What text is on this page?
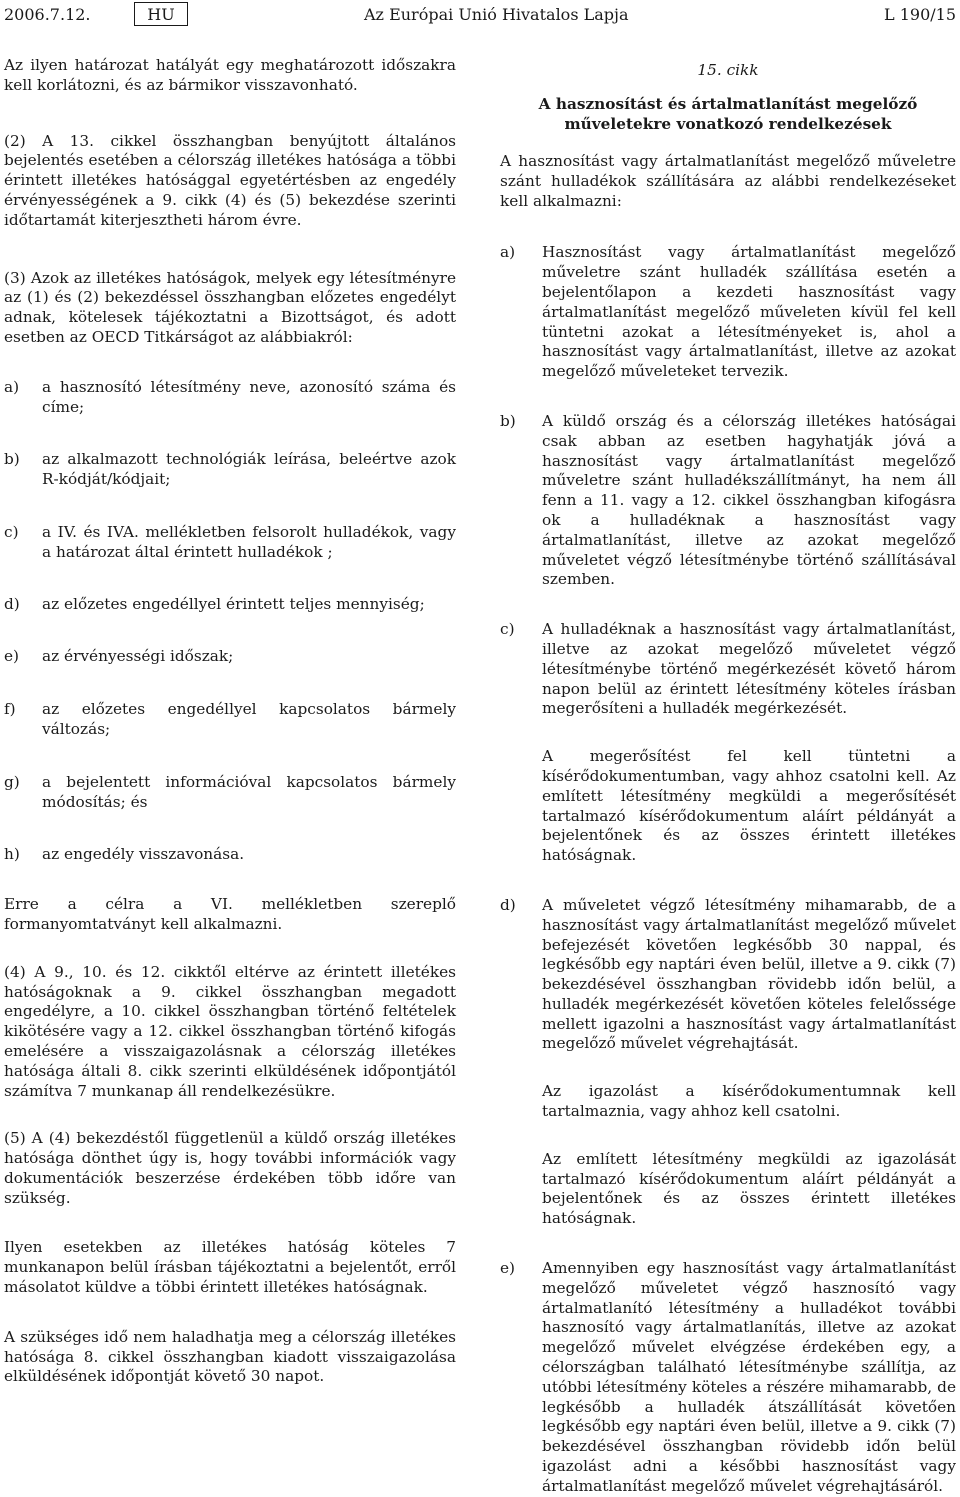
2006.7.12.	HU	Az Európai Unió Hivatalos Lapja	L 190/15

Az ilyen határozat hatályát egy meghatározott időszakra kell korlátozni, és az bármikor visszavonható.

(2) A 13. cikkel összhangban benyújtott általános bejelentés esetében a célország illetékes hatósága a többi érintett illetékes hatósággal egyetértésben az engedély érvényességének a 9. cikk (4) és (5) bekezdése szerinti időtartamát kiterjesztheti három évre.

(3) Azok az illetékes hatóságok, melyek egy létesítményre az (1) és (2) bekezdéssel összhangban előzetes engedélyt adnak, kötelesek tájékoztatni a Bizottságot, és adott esetben az OECD Titkárságot az alábbiakról:

a)	a hasznosító létesítmény neve, azonosító száma és címe;
b)	az alkalmazott technológiák leírása, beleértve azok R-kódját/kódjait;
c)	a IV. és IVA. mellékletben felsorolt hulladékok, vagy a határozat által érintett hulladékok ;
d)	az előzetes engedéllyel érintett teljes mennyiség;
e)	az érvényességi időszak;
f)	az előzetes engedéllyel kapcsolatos bármely változás;
g)	a bejelentett információval kapcsolatos bármely módosítás; és
h)	az engedély visszavonása.

Erre a célra a VI. mellékletben szereplő formanyomtatványt kell alkalmazni.

(4) A 9., 10. és 12. cikktől eltérve az érintett illetékes hatóságoknak a 9. cikkel összhangban megadott engedélyre, a 10. cikkel összhangban történő feltételek kikötésére vagy a 12. cikkel összhangban történő kifogás emelésére a visszaigazolásnak a célország illetékes hatósága általi 8. cikk szerinti elküldésének időpontjától számítva 7 munkanap áll rendelkezésükre.

(5) A (4) bekezdéstől függetlenül a küldő ország illetékes hatósága dönthet úgy is, hogy további információk vagy dokumentációk beszerzése érdekében több időre van szükség.

Ilyen esetekben az illetékes hatóság köteles 7 munkanapon belül írásban tájékoztatni a bejelentőt, erről másolatot küldve a többi érintett illetékes hatóságnak.

A szükséges idő nem haladhatja meg a célország illetékes hatósága 8. cikkel összhangban kiadott visszaigazolása elküldésének időpontját követő 30 napot.

15. cikk
A hasznosítást és ártalmatlanítást megelőző műveletekre vonatkozó rendelkezések

A hasznosítást vagy ártalmatlanítást megelőző műveletre szánt hulladékok szállítására az alábbi rendelkezéseket kell alkalmazni:

a)	Hasznosítást vagy ártalmatlanítást megelőző műveletre szánt hulladék szállítása esetén a bejelentőlapon a kezdeti hasznosítást vagy ártalmatlanítást megelőző műveleten kívül fel kell tüntetni azokat a létesítményeket is, ahol a hasznosítást vagy ártalmatlanítást, illetve az azokat megelőző műveleteket tervezik.
b)	A küldő ország és a célország illetékes hatóságai csak abban az esetben hagyhatják jóvá a hasznosítást vagy ártalmatlanítást megelőző műveletre szánt hulladékszállítmányt, ha nem áll fenn a 11. vagy a 12. cikkel összhangban kifogásra ok a hulladéknak a hasznosítást vagy ártalmatlanítást, illetve az azokat megelőző műveletet végző létesítménybe történő szállításával szemben.
c)	A hulladéknak a hasznosítást vagy ártalmatlanítást, illetve az azokat megelőző műveletet végző létesítménybe történő megérkezését követő három napon belül az érintett létesítmény köteles írásban megerősíteni a hulladék megérkezését.

A megerősítést fel kell tüntetni a kísérődokumentumban, vagy ahhoz csatolni kell. Az említett létesítmény megküldi a megerősítését tartalmazó kísérődokumentum aláírt példányát a bejelentőnek és az összes érintett illetékes hatóságnak.

d)	A műveletet végző létesítmény mihamarabb, de a hasznosítást vagy ártalmatlanítást megelőző művelet befejezését követően legkésőbb 30 nappal, és legkésőbb egy naptári éven belül, illetve a 9. cikk (7) bekezdésével összhangban rövidebb időn belül, a hulladék megérkezését követően köteles felelőssége mellett igazolni a hasznosítást vagy ártalmatlanítást megelőző művelet végrehajtását.

Az igazolást a kísérődokumentumnak kell tartalmaznia, vagy ahhoz kell csatolni.

Az említett létesítmény megküldi az igazolását tartalmazó kísérődokumentum aláírt példányát a bejelentőnek és az összes érintett illetékes hatóságnak.

e)	Amennyiben egy hasznosítást vagy ártalmatlanítást megelőző műveletet végző hasznosító vagy ártalmatlanító létesítmény a hulladékot további hasznosító vagy ártalmatlanítás, illetve az azokat megelőző művelet elvégzése érdekében egy, a célországban található létesítménybe szállítja, az utóbbi létesítmény köteles a részére mihamarabb, de legkésőbb a hulladék átszállítását követően legkésőbb egy naptári éven belül, illetve a 9. cikk (7) bekezdésével összhangban rövidebb időn belül igazolást adni a későbbi hasznosítást vagy ártalmatlanítást megelőző művelet végrehajtásáról.
